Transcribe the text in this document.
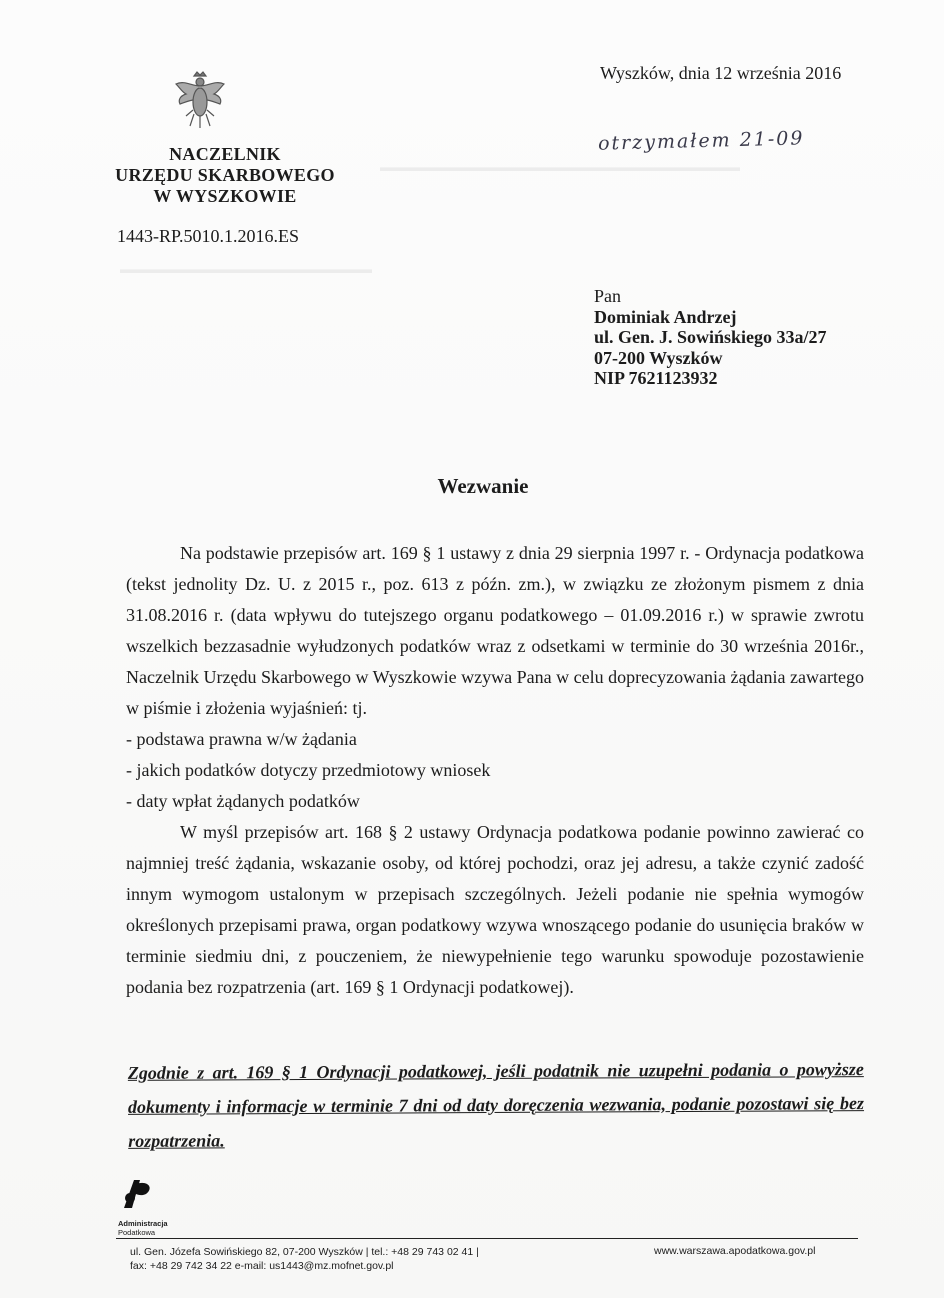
▬▬▬▬▬▬▬▬▬▬▬▬▬▬▬▬▬▬▬▬▬▬▬▬▬▬▬▬▬▬
▬▬▬▬▬▬▬▬▬▬▬▬▬▬▬▬▬▬▬▬▬
NACZELNIK
URZĘDU SKARBOWEGO
W WYSZKOWIE
1443-RP.5010.1.2016.ES
Wyszków, dnia 12 września 2016
otrzymałem 21-09
Pan
Dominiak Andrzej
ul. Gen. J. Sowińskiego 33a/27
07-200 Wyszków
NIP 7621123932
Wezwanie

Na podstawie przepisów art. 169 § 1 ustawy z dnia 29 sierpnia 1997 r. - Ordynacja podatkowa (tekst jednolity Dz. U. z 2015 r., poz. 613 z późn. zm.), w związku ze złożonym pismem z dnia 31.08.2016 r. (data wpływu do tutejszego organu podatkowego – 01.09.2016 r.) w sprawie zwrotu wszelkich bezzasadnie wyłudzonych podatków wraz z odsetkami w terminie do 30 września 2016r., Naczelnik Urzędu Skarbowego w Wyszkowie wzywa Pana w celu doprecyzowania żądania zawartego w piśmie i złożenia wyjaśnień: tj.

- podstawa prawna w/w żądania

- jakich podatków dotyczy przedmiotowy wniosek

- daty wpłat żądanych podatków

W myśl przepisów art. 168 § 2 ustawy Ordynacja podatkowa podanie powinno zawierać co najmniej treść żądania, wskazanie osoby, od której pochodzi, oraz jej adresu, a także czynić zadość innym wymogom ustalonym w przepisach szczególnych. Jeżeli podanie nie spełnia wymogów określonych przepisami prawa, organ podatkowy wzywa wnoszącego podanie do usunięcia braków w terminie siedmiu dni, z pouczeniem, że niewypełnienie tego warunku spowoduje pozostawienie podania bez rozpatrzenia (art. 169 § 1 Ordynacji podatkowej).

Zgodnie z art. 169 § 1 Ordynacji podatkowej, jeśli podatnik nie uzupełni podania o powyższe dokumenty i informacje w terminie 7 dni od daty doręczenia wezwania, podanie pozostawi się bez rozpatrzenia.
Administracja
Podatkowa
ul. Gen. Józefa Sowińskiego 82, 07-200 Wyszków | tel.: +48 29 743 02 41 |
fax: +48 29 742 34 22 e-mail: us1443@mz.mofnet.gov.pl
www.warszawa.apodatkowa.gov.pl
